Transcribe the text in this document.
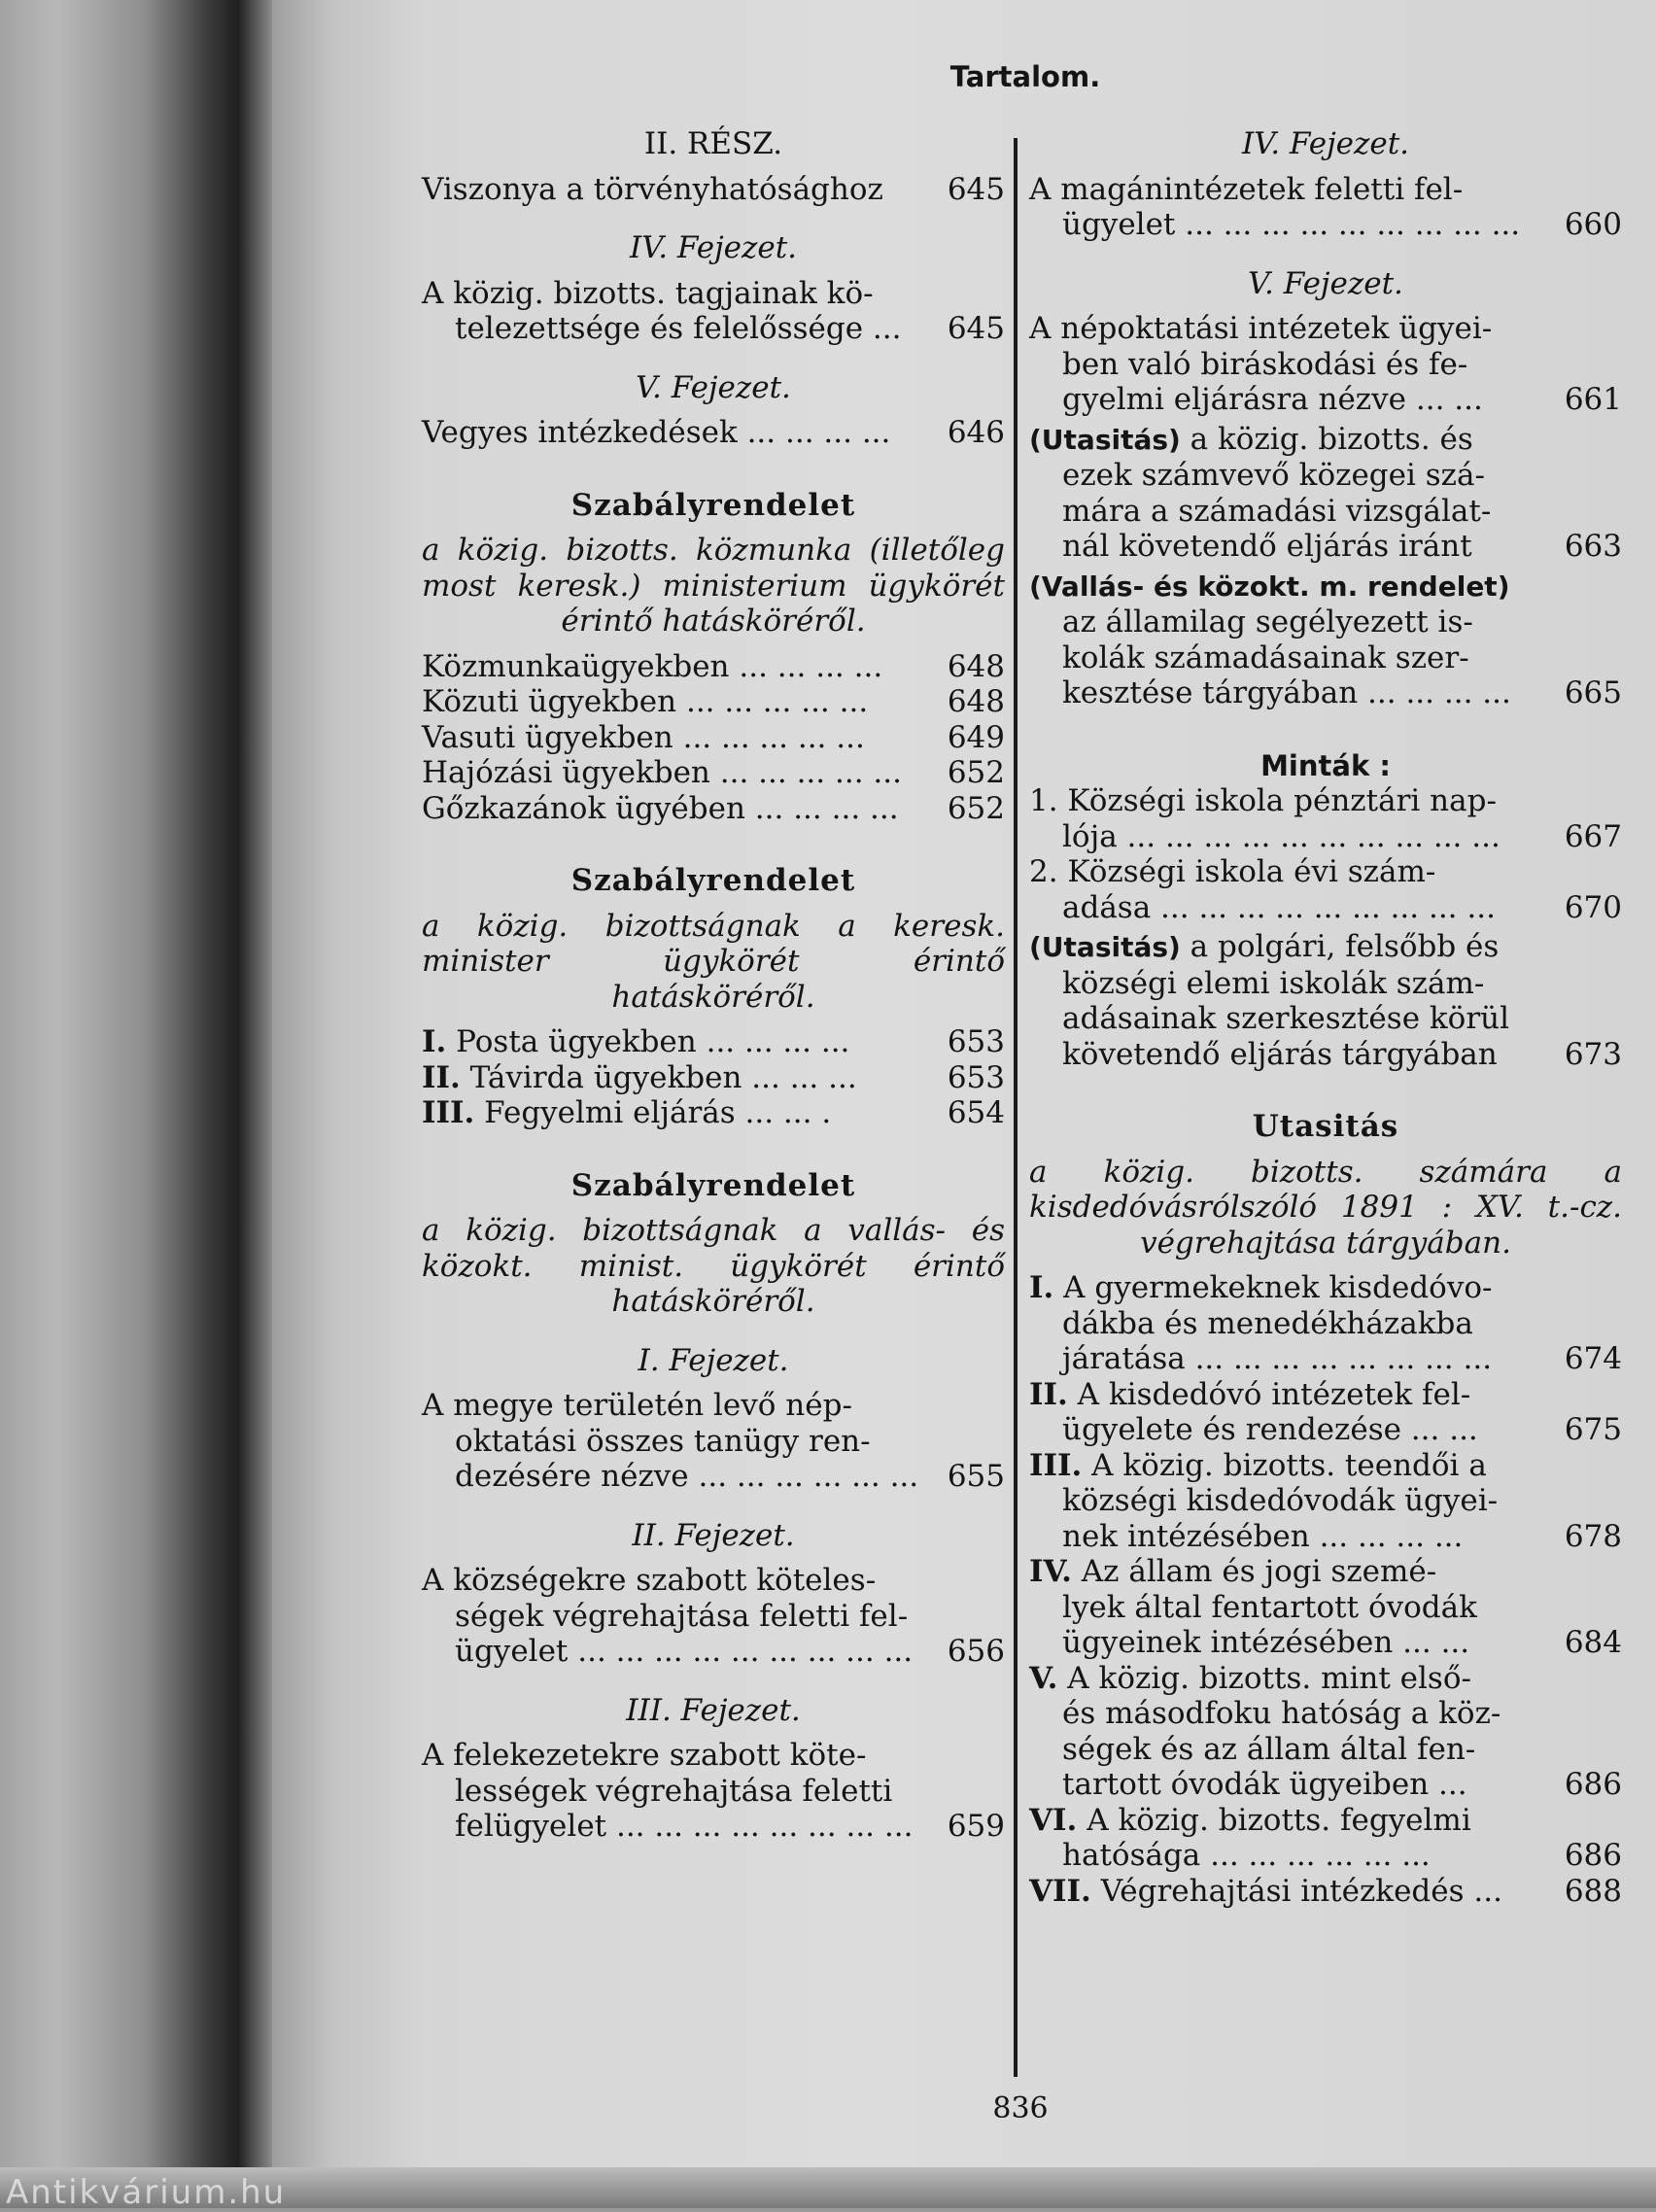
Antikvárium.hu
Tartalom.
II. RÉSZ.
Viszonya a törvényhatósághoz	645
IV. Fejezet.
A közig. bizotts. tagjainak kö-
telezettsége és felelőssége ...	645
V. Fejezet.
Vegyes intézkedések ... ... ... ...	646
Szabályrendelet
a közig. bizotts. közmunka (illetőleg most keresk.) ministerium ügykörét érintő hatásköréről.
Közmunkaügyekben ... ... ... ...	648
Közuti ügyekben ... ... ... ... ...	648
Vasuti ügyekben ... ... ... ... ...	649
Hajózási ügyekben ... ... ... ... ...	652
Gőzkazánok ügyében ... ... ... ...	652
Szabályrendelet
a közig. bizottságnak a keresk. minister ügykörét érintő hatásköréről.
I. Posta ügyekben ... ... ... ...	653
II. Távirda ügyekben ... ... ...	653
III. Fegyelmi eljárás ... ... .	654
Szabályrendelet
a közig. bizottságnak a vallás- és közokt. minist. ügykörét érintő hatásköréről.
I. Fejezet.
A megye területén levő nép-
oktatási összes tanügy ren-
dezésére nézve ... ... ... ... ... ... 655
II. Fejezet.
A községekre szabott köteles-
ségek végrehajtása feletti fel-
ügyelet ... ... ... ... ... ... ... ... ...	656
III. Fejezet.
A felekezetekre szabott köte-
lességek végrehajtása feletti
felügyelet ... ... ... ... ... ... ... ...	659
IV. Fejezet.
A magánintézetek feletti fel-
ügyelet ... ... ... ... ... ... ... ... ...	660
V. Fejezet.
A népoktatási intézetek ügyei-
ben való biráskodási és fe-
gyelmi eljárásra nézve ... ...	661
(Utasitás) a közig. bizotts. és
ezek számvevő közegei szá-
mára a számadási vizsgálat-
nál követendő eljárás iránt	663
(Vallás- és közokt. m. rendelet)
az államilag segélyezett is-
kolák számadásainak szer-
kesztése tárgyában ... ... ... ...	665
Minták :
1. Községi iskola pénztári nap-
lója ... ... ... ... ... ... ... ... ... ...	667
2. Községi iskola évi szám-
adása ... ... ... ... ... ... ... ... ...	670
(Utasitás) a polgári, felsőbb és
községi elemi iskolák szám-
adásainak szerkesztése körül
követendő eljárás tárgyában	673
Utasitás
a közig. bizotts. számára a kisdedóvásrólszóló 1891 : XV. t.-cz. végrehajtása tárgyában.
I. A gyermekeknek kisdedóvo-
dákba és menedékházakba
járatása ... ... ... ... ... ... ... ...	674
II. A kisdedóvó intézetek fel-
ügyelete és rendezése ... ...	675
III. A közig. bizotts. teendői a
községi kisdedóvodák ügyei-
nek intézésében ... ... ... ...	678
IV. Az állam és jogi szemé-
lyek által fentartott óvodák
ügyeinek intézésében ... ...	684
V. A közig. bizotts. mint első-
és másodfoku hatóság a köz-
ségek és az állam által fen-
tartott óvodák ügyeiben ...	686
VI. A közig. bizotts. fegyelmi
hatósága ... ... ... ... ... ...	686
VII. Végrehajtási intézkedés ...	688
836
